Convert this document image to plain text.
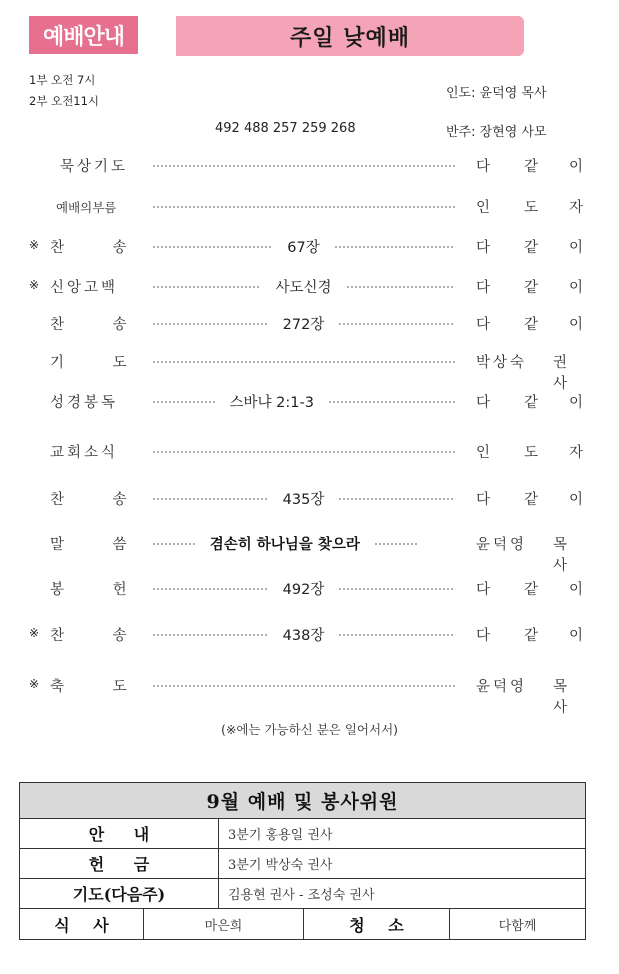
예배안내	주일 낮예배
1부 오전 7시
2부 오전11시	인도: 윤덕영 목사
492 488 257 259 268	반주: 장현영 사모
묵상기도	다 같 이
예배의부름	인 도 자
※ 찬 송	67장	다 같 이
※ 신앙고백	사도신경	다 같 이
찬 송	272장	다 같 이
기 도	박상숙 권사
성경봉독	스바냐 2:1-3	다 같 이
교회소식	인 도 자
찬 송	435장	다 같 이
말 씀	겸손히 하나님을 찾으라	윤덕영 목사
봉 헌	492장	다 같 이
※ 찬 송	438장	다 같 이
※ 축 도	윤덕영 목사
(※에는 가능하신 분은 일어서서)
9월 예배 및 봉사위원
안 내	3분기 홍용일 권사
헌 금	3분기 박상숙 권사
기도(다음주)	김용현 권사 - 조성숙 권사
식 사	마은희	청 소	다함께
